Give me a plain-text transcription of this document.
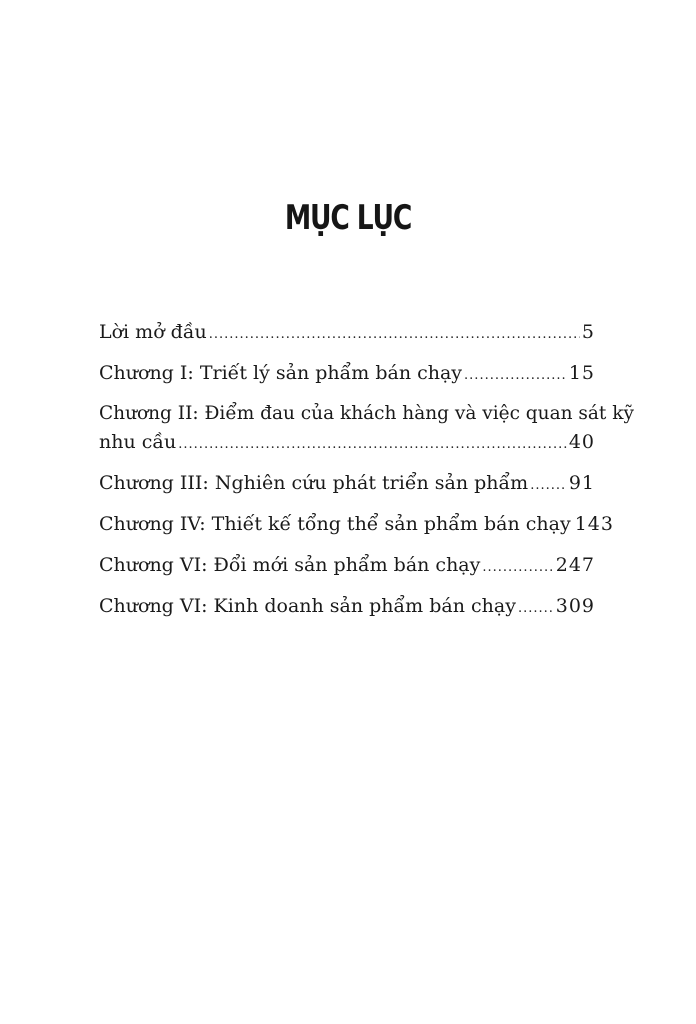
MỤC LỤC
Lời mở đầu .....	5
Chương I: Triết lý sản phẩm bán chạy .....	15
Chương II: Điểm đau của khách hàng và việc quan sát kỹ
nhu cầu .....	40
Chương III: Nghiên cứu phát triển sản phẩm ..... 91
Chương IV: Thiết kế tổng thể sản phẩm bán chạy 143
Chương VI: Đổi mới sản phẩm bán chạy .....	247
Chương VI: Kinh doanh sản phẩm bán chạy ..... 309
